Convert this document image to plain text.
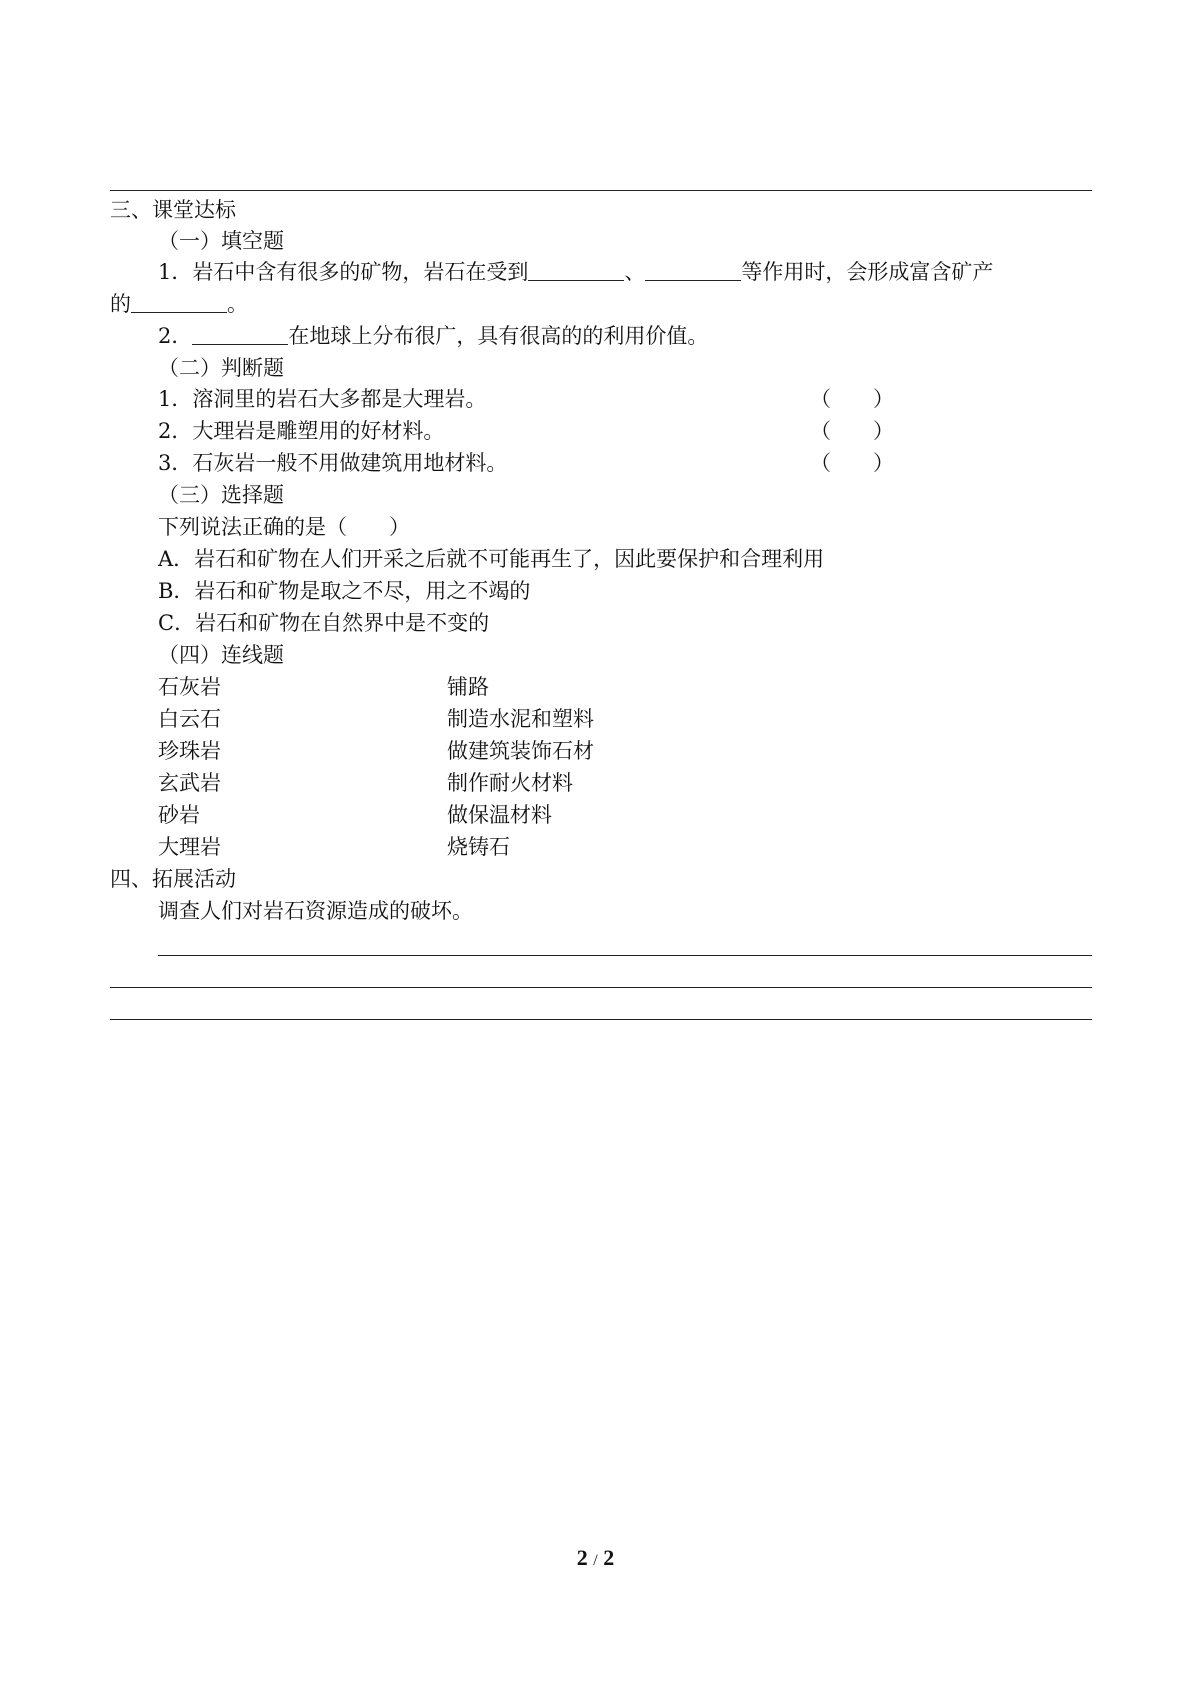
三、课堂达标
（一）填空题
1．岩石中含有很多的矿物，岩石在受到	、	等作用时，会形成富含矿产
的	。
2．	在地球上分布很广，具有很高的的利用价值。
（二）判断题
1．溶洞里的岩石大多都是大理岩。	（　　）
2．大理岩是雕塑用的好材料。	（　　）
3．石灰岩一般不用做建筑用地材料。	（　　）
（三）选择题
下列说法正确的是（　　）
A．岩石和矿物在人们开采之后就不可能再生了，因此要保护和合理利用
B．岩石和矿物是取之不尽，用之不竭的
C．岩石和矿物在自然界中是不变的
（四）连线题
石灰岩	铺路
白云石	制造水泥和塑料
珍珠岩	做建筑装饰石材
玄武岩	制作耐火材料
砂岩	做保温材料
大理岩	烧铸石
四、拓展活动
调查人们对岩石资源造成的破坏。
2 / 2
